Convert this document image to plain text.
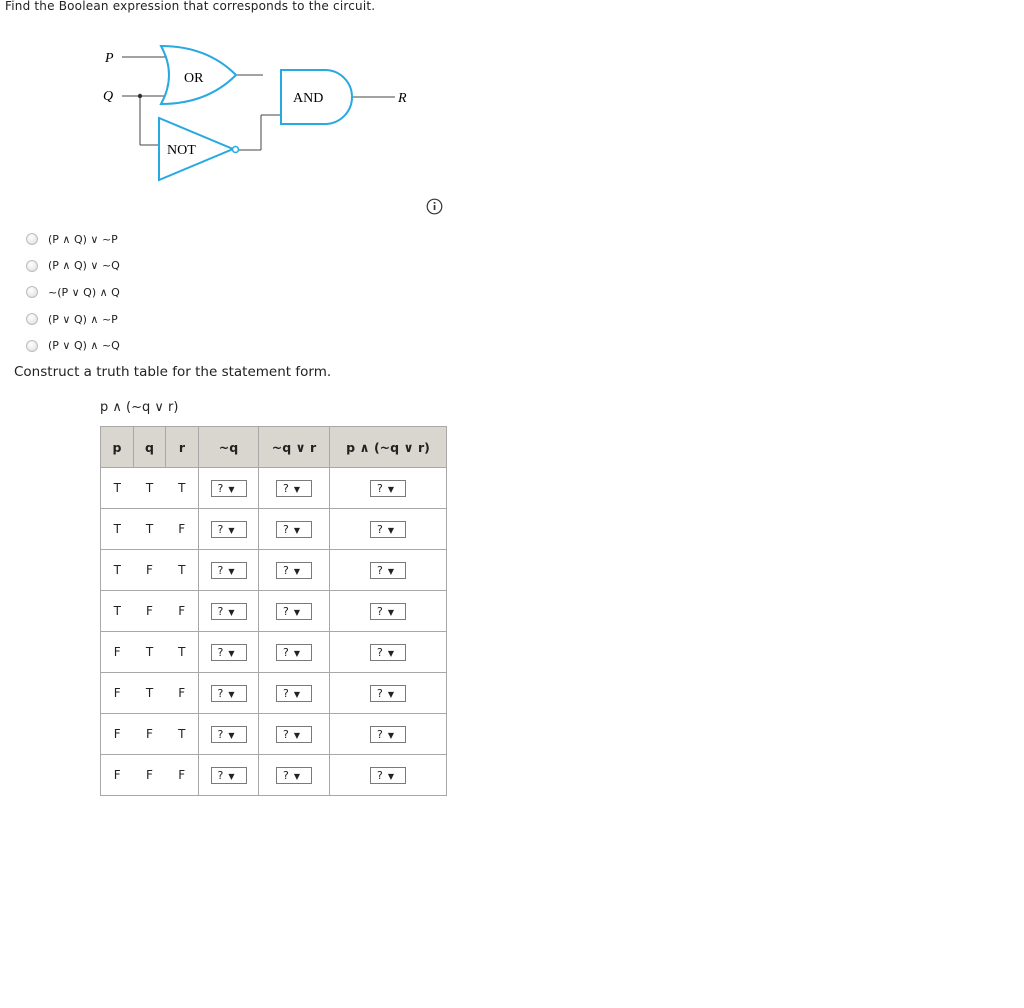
Find the Boolean expression that corresponds to the circuit.
P
Q
OR
AND
NOT
R
(P ∧ Q) ∨ ~P
(P ∧ Q) ∨ ~Q
~(P ∨ Q) ∧ Q
(P ∨ Q) ∧ ~P
(P ∨ Q) ∧ ~Q
Construct a truth table for the statement form.
p ∧ (~q ∨ r)
p	q	r	~q	~q ∨ r	p ∧ (~q ∨ r)
T	T	T	? ▼	? ▼	? ▼
T	T	F	? ▼	? ▼	? ▼
T	F	T	? ▼	? ▼	? ▼
T	F	F	? ▼	? ▼	? ▼
F	T	T	? ▼	? ▼	? ▼
F	T	F	? ▼	? ▼	? ▼
F	F	T	? ▼	? ▼	? ▼
F	F	F	? ▼	? ▼	? ▼
